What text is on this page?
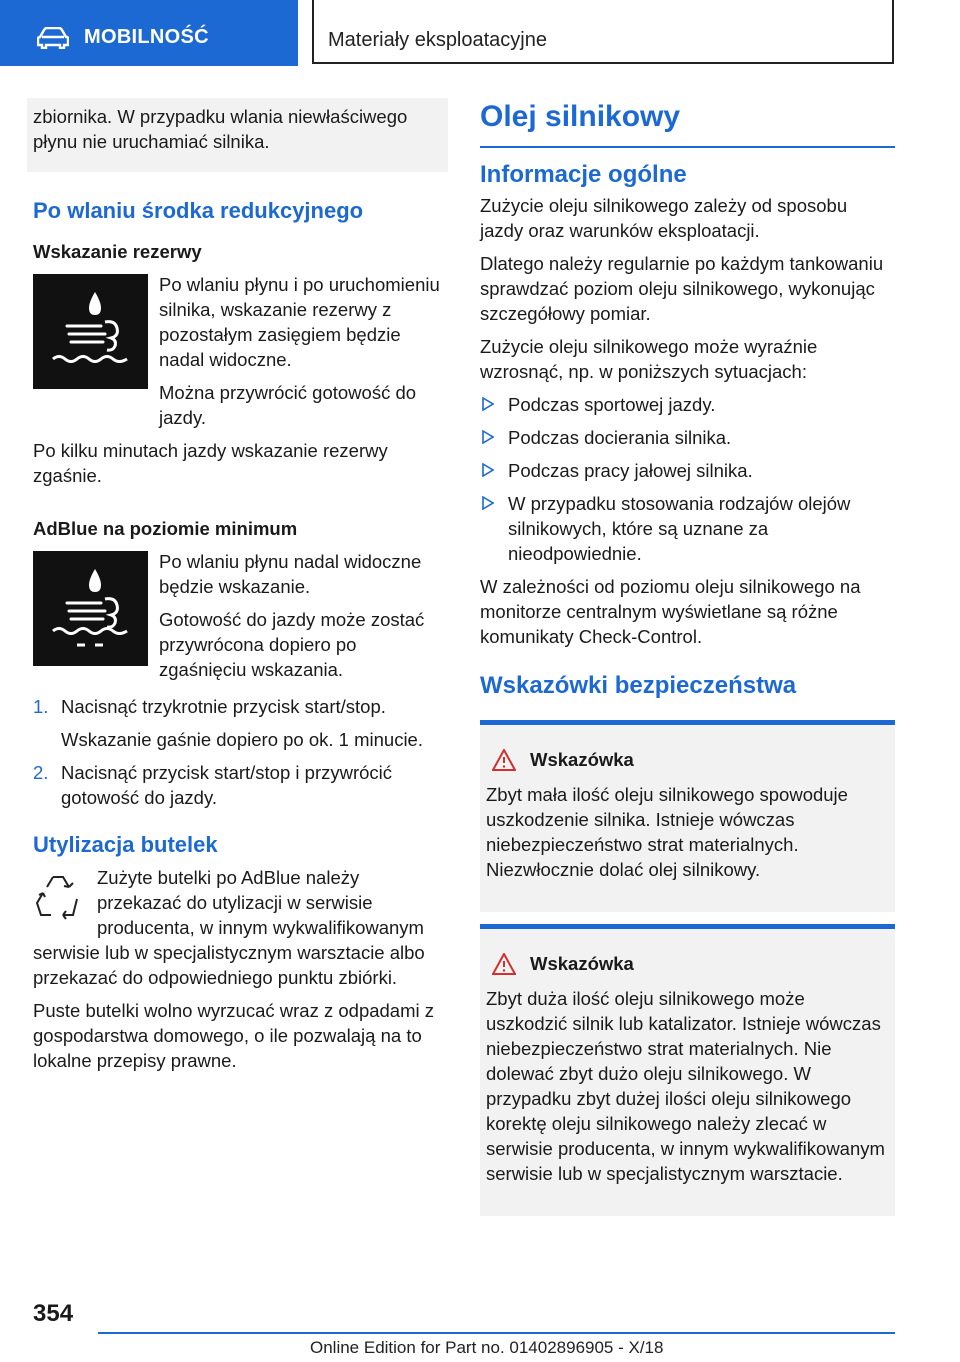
MOBILNOŚĆ	Materiały eksploatacyjne

zbiornika. W przypadku wlania niewłaściwego płynu nie uruchamiać silnika.

Po wlaniu środka redukcyjnego
Wskazanie rezerwy

Po wlaniu płynu i po uruchomieniu silnika, wskazanie rezerwy z pozostałym zasięgiem będzie nadal widoczne.

Można przywrócić gotowość do jazdy.

Po kilku minutach jazdy wskazanie rezerwy zgaśnie.

AdBlue na poziomie minimum

Po wlaniu płynu nadal widoczne będzie wskazanie.

Gotowość do jazdy może zostać przywrócona dopiero po zgaśnięciu wskazania.

1. Nacisnąć trzykrotnie przycisk start/stop.
Wskazanie gaśnie dopiero po ok. 1 minucie.
2. Nacisnąć przycisk start/stop i przywrócić gotowość do jazdy.
Utylizacja butelek

Zużyte butelki po AdBlue należy przekazać do utylizacji w serwisie producenta, w innym wykwalifikowanym serwisie lub w specjalistycznym warsztacie albo przekazać do odpowiedniego punktu zbiórki.

Puste butelki wolno wyrzucać wraz z odpadami z gospodarstwa domowego, o ile pozwalają na to lokalne przepisy prawne.

Olej silnikowy
Informacje ogólne

Zużycie oleju silnikowego zależy od sposobu jazdy oraz warunków eksploatacji.

Dlatego należy regularnie po każdym tankowaniu sprawdzać poziom oleju silnikowego, wykonując szczegółowy pomiar.

Zużycie oleju silnikowego może wyraźnie wzrosnąć, np. w poniższych sytuacjach:

Podczas sportowej jazdy.
Podczas docierania silnika.
Podczas pracy jałowej silnika.
W przypadku stosowania rodzajów olejów silnikowych, które są uznane za nieodpowiednie.

W zależności od poziomu oleju silnikowego na monitorze centralnym wyświetlane są różne komunikaty Check-Control.

Wskazówki bezpieczeństwa
Wskazówka

Zbyt mała ilość oleju silnikowego spowoduje uszkodzenie silnika. Istnieje wówczas niebezpieczeństwo strat materialnych. Niezwłocznie dolać olej silnikowy.

Wskazówka

Zbyt duża ilość oleju silnikowego może uszkodzić silnik lub katalizator. Istnieje wówczas niebezpieczeństwo strat materialnych. Nie dolewać zbyt dużo oleju silnikowego. W przypadku zbyt dużej ilości oleju silnikowego korektę oleju silnikowego należy zlecać w serwisie producenta, w innym wykwalifikowanym serwisie lub w specjalistycznym warsztacie.

354
Online Edition for Part no. 01402896905 - X/18
